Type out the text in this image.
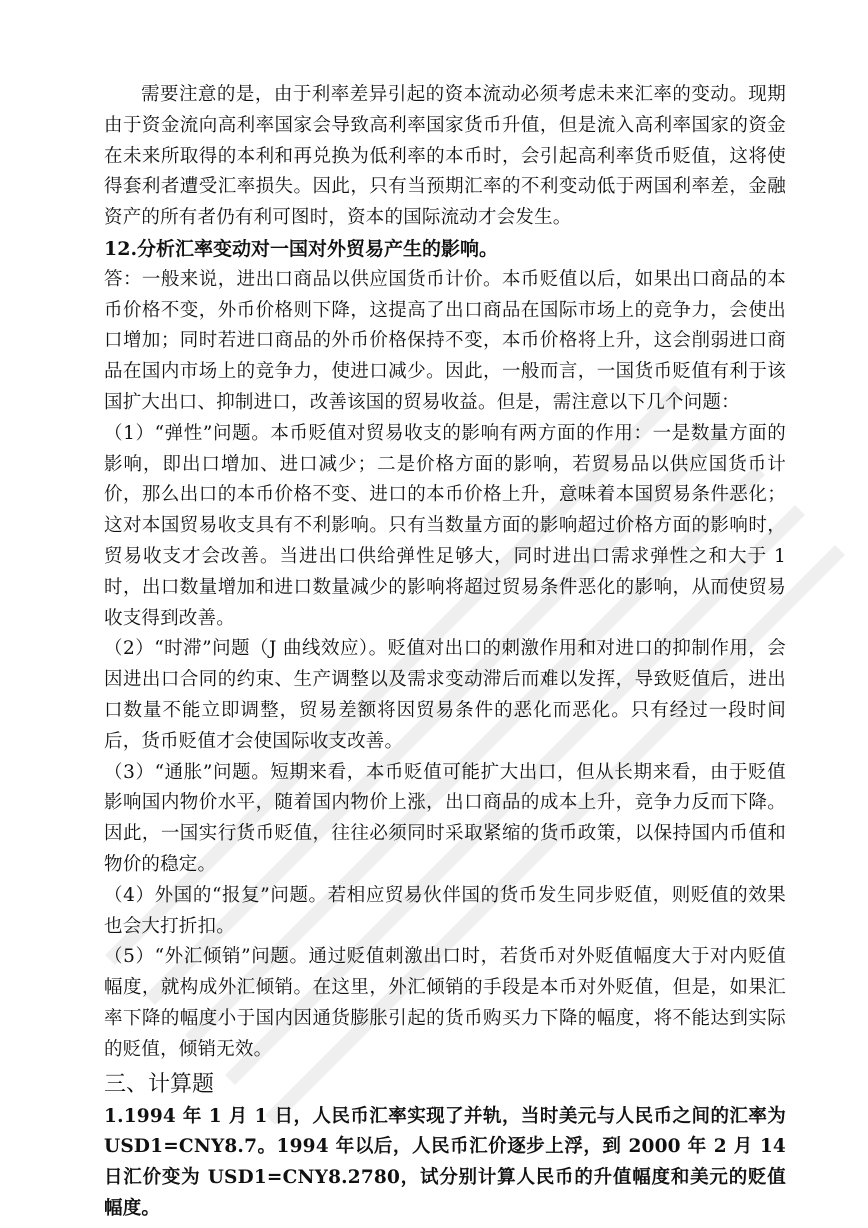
需要注意的是，由于利率差异引起的资本流动必须考虑未来汇率的变动。现期由于资金流向高利率国家会导致高利率国家货币升值，但是流入高利率国家的资金在未来所取得的本利和再兑换为低利率的本币时，会引起高利率货币贬值，这将使得套利者遭受汇率损失。因此，只有当预期汇率的不利变动低于两国利率差，金融资产的所有者仍有利可图时，资本的国际流动才会发生。

12.分析汇率变动对一国对外贸易产生的影响。

答：一般来说，进出口商品以供应国货币计价。本币贬值以后，如果出口商品的本币价格不变，外币价格则下降，这提高了出口商品在国际市场上的竞争力，会使出口增加；同时若进口商品的外币价格保持不变，本币价格将上升，这会削弱进口商品在国内市场上的竞争力，使进口减少。因此，一般而言，一国货币贬值有利于该国扩大出口、抑制进口，改善该国的贸易收益。但是，需注意以下几个问题：

（1）“弹性”问题。本币贬值对贸易收支的影响有两方面的作用：一是数量方面的影响，即出口增加、进口减少；二是价格方面的影响，若贸易品以供应国货币计价，那么出口的本币价格不变、进口的本币价格上升，意味着本国贸易条件恶化；这对本国贸易收支具有不利影响。只有当数量方面的影响超过价格方面的影响时，贸易收支才会改善。当进出口供给弹性足够大，同时进出口需求弹性之和大于 1 时，出口数量增加和进口数量减少的影响将超过贸易条件恶化的影响，从而使贸易收支得到改善。

（2）“时滞”问题（J 曲线效应）。贬值对出口的刺激作用和对进口的抑制作用，会因进出口合同的约束、生产调整以及需求变动滞后而难以发挥，导致贬值后，进出口数量不能立即调整，贸易差额将因贸易条件的恶化而恶化。只有经过一段时间后，货币贬值才会使国际收支改善。

（3）“通胀”问题。短期来看，本币贬值可能扩大出口，但从长期来看，由于贬值影响国内物价水平，随着国内物价上涨，出口商品的成本上升，竞争力反而下降。因此，一国实行货币贬值，往往必须同时采取紧缩的货币政策，以保持国内币值和物价的稳定。

（4）外国的“报复”问题。若相应贸易伙伴国的货币发生同步贬值，则贬值的效果也会大打折扣。

（5）“外汇倾销”问题。通过贬值刺激出口时，若货币对外贬值幅度大于对内贬值幅度，就构成外汇倾销。在这里，外汇倾销的手段是本币对外贬值，但是，如果汇率下降的幅度小于国内因通货膨胀引起的货币购买力下降的幅度，将不能达到实际的贬值，倾销无效。

三、计算题

1.1994 年 1 月 1 日，人民币汇率实现了并轨，当时美元与人民币之间的汇率为 USD1=CNY8.7。1994 年以后，人民币汇价逐步上浮，到 2000 年 2 月 14 日汇价变为 USD1=CNY8.2780，试分别计算人民币的升值幅度和美元的贬值幅度。
